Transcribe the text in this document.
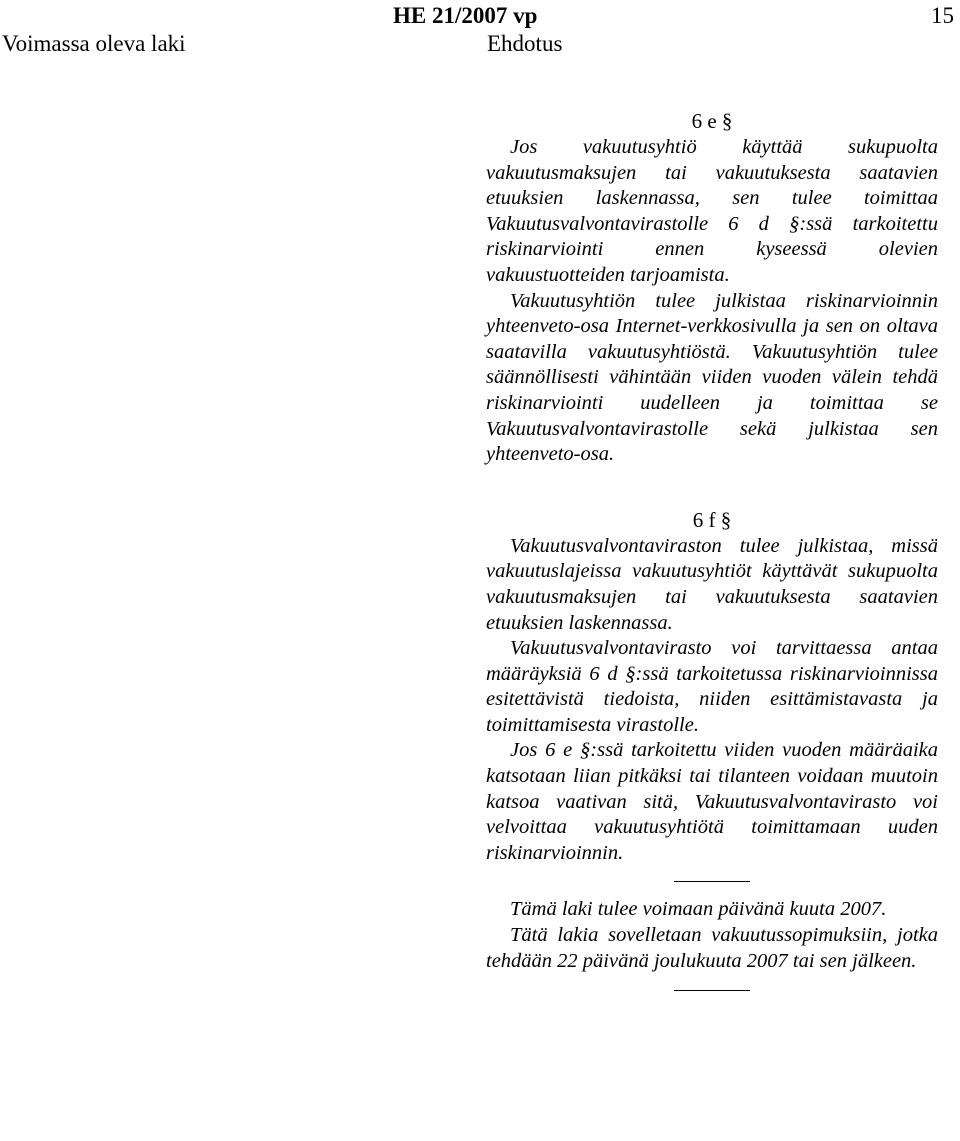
HE 21/2007 vp	15
Voimassa oleva laki	Ehdotus

6 e §

Jos vakuutusyhtiö käyttää sukupuolta vakuutusmaksujen tai vakuutuksesta saatavien etuuksien laskennassa, sen tulee toimittaa Vakuutusvalvontavirastolle 6 d §:ssä tarkoitettu riskinarviointi ennen kyseessä olevien vakuustuotteiden tarjoamista.

Vakuutusyhtiön tulee julkistaa riskinarvioinnin yhteenveto-osa Internet-verkkosivulla ja sen on oltava saatavilla vakuutusyhtiöstä. Vakuutusyhtiön tulee säännöllisesti vähintään viiden vuoden välein tehdä riskinarviointi uudelleen ja toimittaa se Vakuutusvalvontavirastolle sekä julkistaa sen yhteenveto-osa.

6 f §

Vakuutusvalvontaviraston tulee julkistaa, missä vakuutuslajeissa vakuutusyhtiöt käyttävät sukupuolta vakuutusmaksujen tai vakuutuksesta saatavien etuuksien laskennassa.

Vakuutusvalvontavirasto voi tarvittaessa antaa määräyksiä 6 d §:ssä tarkoitetussa riskinarvioinnissa esitettävistä tiedoista, niiden esittämistavasta ja toimittamisesta virastolle.

Jos 6 e §:ssä tarkoitettu viiden vuoden määräaika katsotaan liian pitkäksi tai tilanteen voidaan muutoin katsoa vaativan sitä, Vakuutusvalvontavirasto voi velvoittaa vakuutusyhtiötä toimittamaan uuden riskinarvioinnin.

Tämä laki tulee voimaan päivänä kuuta 2007.

Tätä lakia sovelletaan vakuutussopimuksiin, jotka tehdään 22 päivänä joulukuuta 2007 tai sen jälkeen.
